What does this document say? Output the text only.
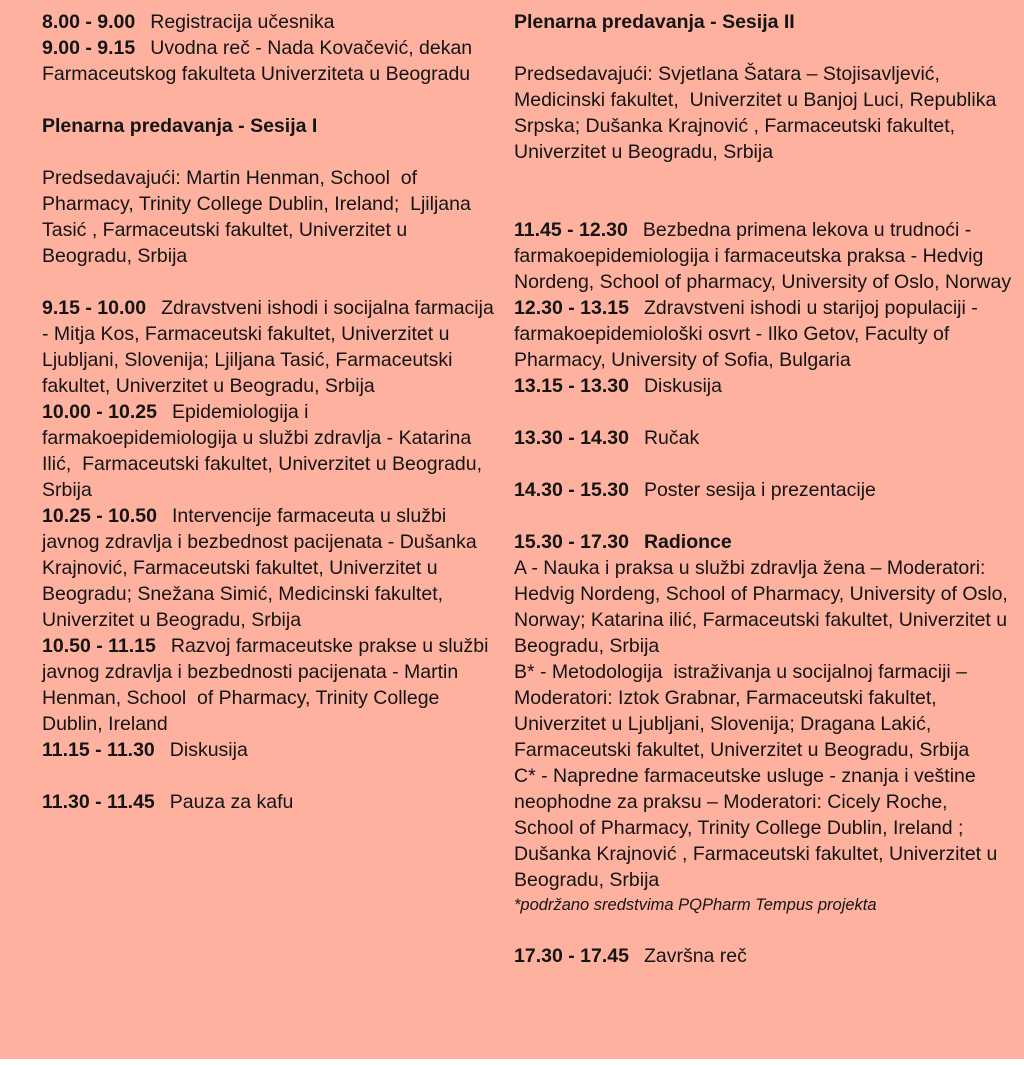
8.00 - 9.00 Registracija učesnika

9.00 - 9.15 Uvodna reč - Nada Kovačević, dekan Farmaceutskog fakulteta Univerziteta u Beogradu

Plenarna predavanja - Sesija I

Predsedavajući: Martin Henman, School  of Pharmacy, Trinity College Dublin, Ireland;  Ljiljana Tasić , Farmaceutski fakultet, Univerzitet u Beogradu, Srbija

9.15 - 10.00 Zdravstveni ishodi i socijalna farmacija - Mitja Kos, Farmaceutski fakultet, Univerzitet u Ljubljani, Slovenija; Ljiljana Tasić, Farmaceutski fakultet, Univerzitet u Beogradu, Srbija

10.00 - 10.25 Epidemiologija i farmakoepidemiologija u službi zdravlja - Katarina Ilić,  Farmaceutski fakultet, Univerzitet u Beogradu, Srbija

10.25 - 10.50 Intervencije farmaceuta u službi javnog zdravlja i bezbednost pacijenata - Dušanka Krajnović, Farmaceutski fakultet, Univerzitet u Beogradu; Snežana Simić, Medicinski fakultet, Univerzitet u Beogradu, Srbija

10.50 - 11.15 Razvoj farmaceutske prakse u službi javnog zdravlja i bezbednosti pacijenata - Martin Henman, School  of Pharmacy, Trinity College Dublin, Ireland

11.15 - 11.30 Diskusija

11.30 - 11.45 Pauza za kafu

Plenarna predavanja - Sesija II

Predsedavajući: Svjetlana Šatara – Stojisavljević, Medicinski fakultet,  Univerzitet u Banjoj Luci, Republika Srpska; Dušanka Krajnović , Farmaceutski fakultet, Univerzitet u Beogradu, Srbija

11.45 - 12.30 Bezbedna primena lekova u trudnoći - farmakoepidemiologija i farmaceutska praksa - Hedvig Nordeng, School of pharmacy, University of Oslo, Norway

12.30 - 13.15 Zdravstveni ishodi u starijoj populaciji - farmakoepidemiološki osvrt - Ilko Getov, Faculty of Pharmacy, University of Sofia, Bulgaria

13.15 - 13.30 Diskusija

13.30 - 14.30 Ručak

14.30 - 15.30 Poster sesija i prezentacije

15.30 - 17.30 Radionce

A - Nauka i praksa u službi zdravlja žena – Moderatori: Hedvig Nordeng, School of Pharmacy, University of Oslo, Norway; Katarina ilić, Farmaceutski fakultet, Univerzitet u Beogradu, Srbija

B* - Metodologija  istraživanja u socijalnoj farmaciji – Moderatori: Iztok Grabnar, Farmaceutski fakultet, Univerzitet u Ljubljani, Slovenija; Dragana Lakić, Farmaceutski fakultet, Univerzitet u Beogradu, Srbija

C* - Napredne farmaceutske usluge - znanja i veštine neophodne za praksu – Moderatori: Cicely Roche, School of Pharmacy, Trinity College Dublin, Ireland ; Dušanka Krajnović , Farmaceutski fakultet, Univerzitet u Beogradu, Srbija

*podržano sredstvima PQPharm Tempus projekta

17.30 - 17.45 Završna reč
